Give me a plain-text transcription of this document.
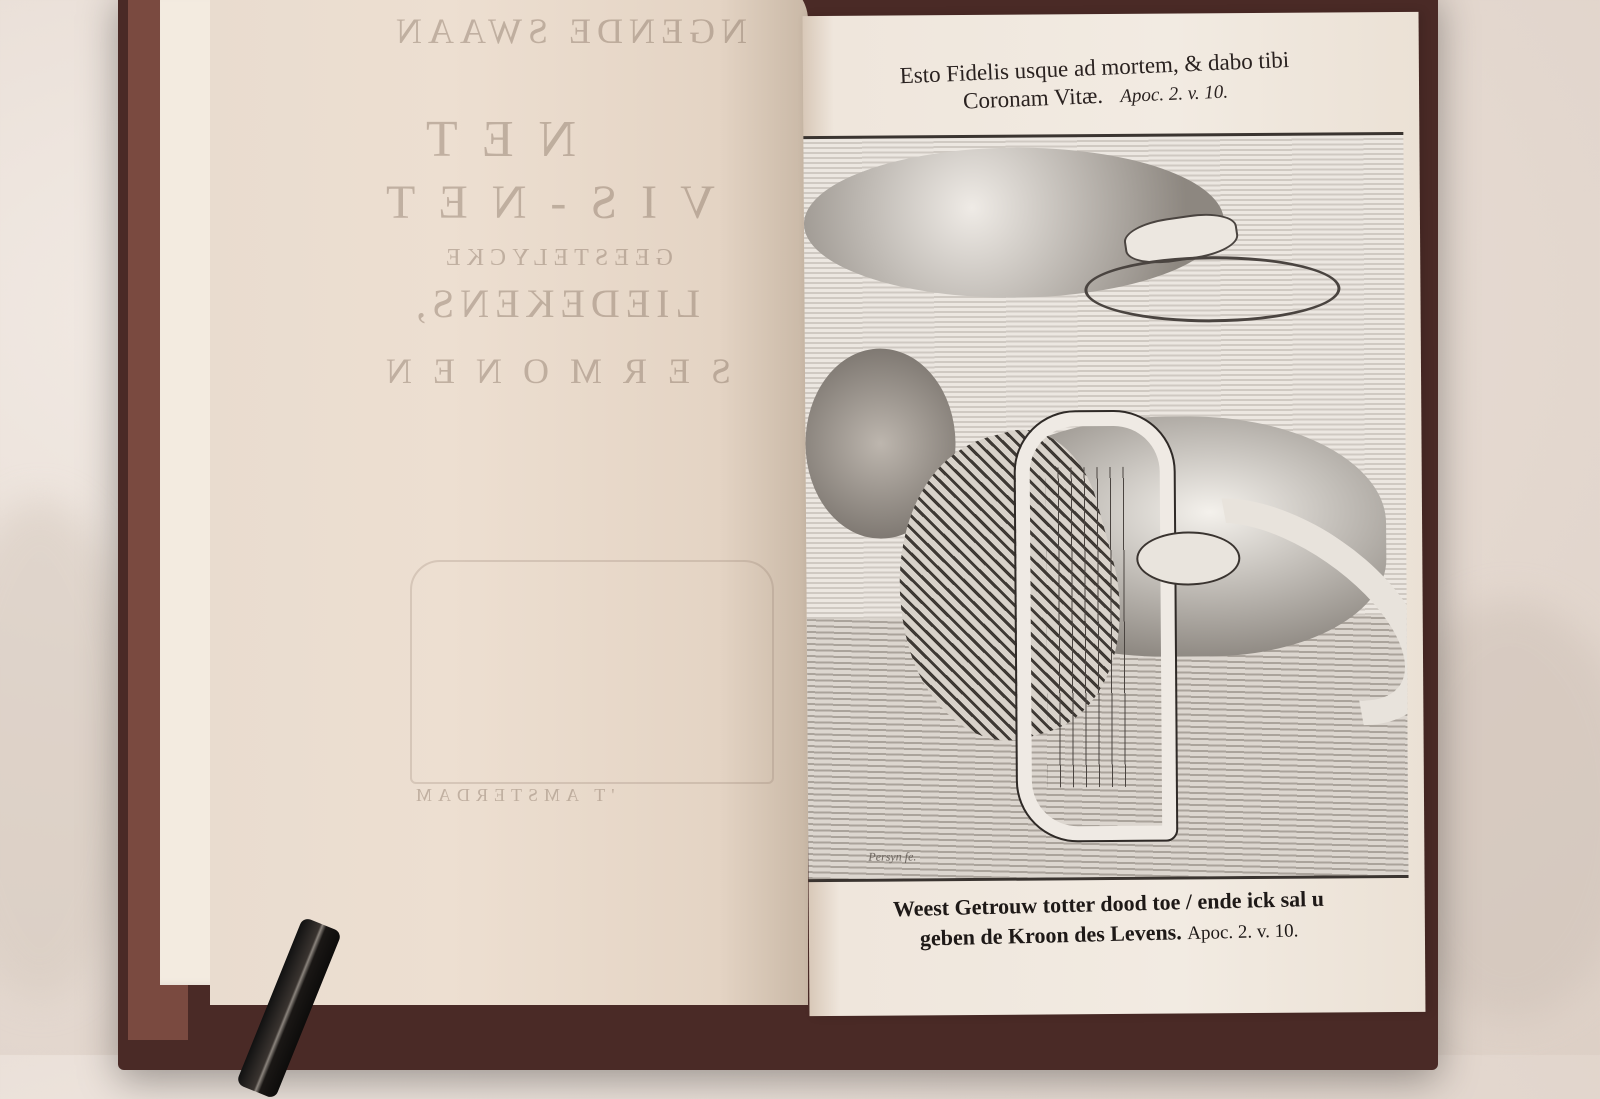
NGENDE SWAAN
N E T
V I S - N E T
GEESTELYCKE
LIEDEKENS,
S E R M O N E N
'T AMSTERDAM
Esto Fidelis usque ad mortem, & dabo tibi
Coronam Vitæ. Apoc. 2. v. 10.
Persyn fe.
Weest Getrouw totter dood toe / ende ick sal u
geben de Kroon des Levens. Apoc. 2. v. 10.
